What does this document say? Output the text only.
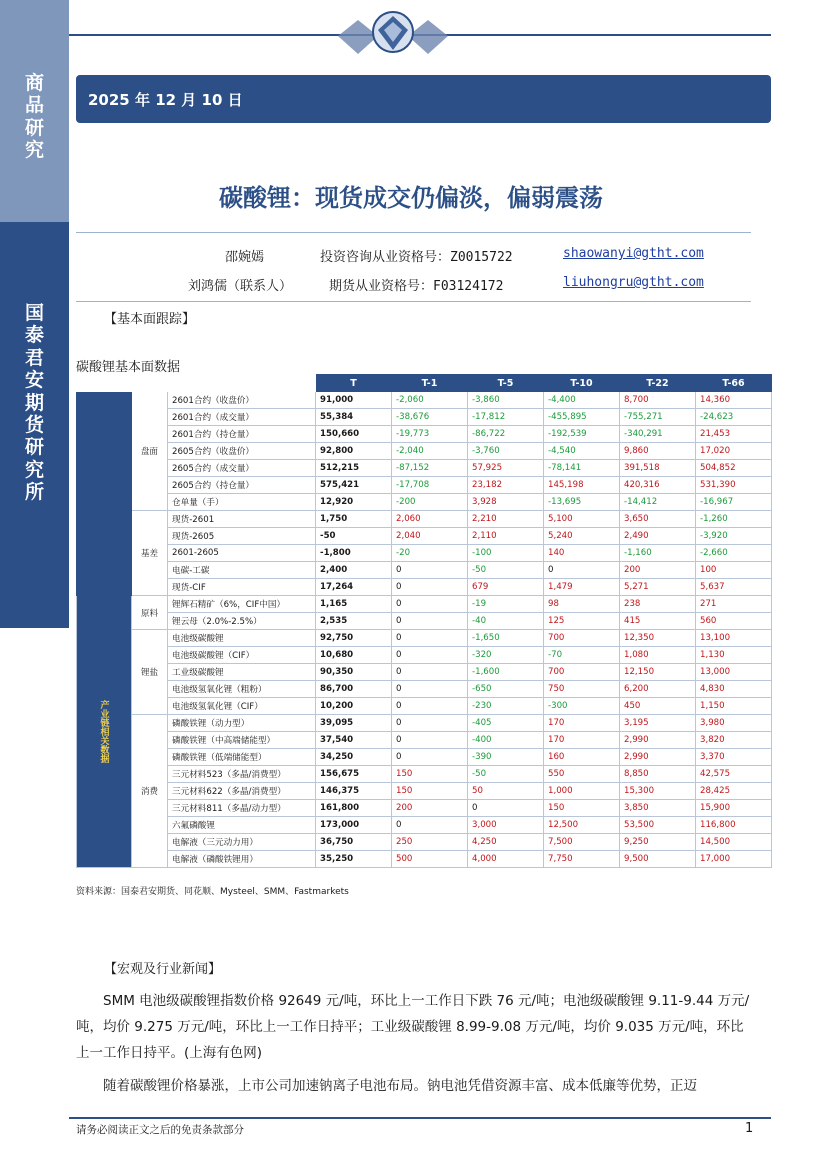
商
品
研
究
国
泰
君
安
期
货
研
究
所
2025 年 12 月 10 日
碳酸锂：现货成交仍偏淡，偏弱震荡
邵婉嫣	投资咨询从业资格号：Z0015722	shaowanyi@gtht.com
刘鸿儒（联系人）	期货从业资格号：F03124172	liuhongru@gtht.com
【基本面跟踪】
碳酸锂基本面数据
			T	T-1	T-5	T-10	T-22	T-66
	盘面	2601合约（收盘价）	91,000	-2,060	-3,860	-4,400	8,700	14,360
		2601合约（成交量）	55,384	-38,676	-17,812	-455,895	-755,271	-24,623
		2601合约（持仓量）	150,660	-19,773	-86,722	-192,539	-340,291	21,453
		2605合约（收盘价）	92,800	-2,040	-3,760	-4,540	9,860	17,020
		2605合约（成交量）	512,215	-87,152	57,925	-78,141	391,518	504,852
		2605合约（持仓量）	575,421	-17,708	23,182	145,198	420,316	531,390
		仓单量（手）	12,920	-200	3,928	-13,695	-14,412	-16,967
	基差	现货-2601	1,750	2,060	2,210	5,100	3,650	-1,260
		现货-2605	-50	2,040	2,110	5,240	2,490	-3,920
		2601-2605	-1,800	-20	-100	140	-1,160	-2,660
		电碳-工碳	2,400	0	-50	0	200	100
		现货-CIF	17,264	0	679	1,479	5,271	5,637
产业链相关数据	原料	锂辉石精矿（6%，CIF中国）	1,165	0	-19	98	238	271
		锂云母（2.0%-2.5%）	2,535	0	-40	125	415	560
	锂盐	电池级碳酸锂	92,750	0	-1,650	700	12,350	13,100
		电池级碳酸锂（CIF）	10,680	0	-320	-70	1,080	1,130
		工业级碳酸锂	90,350	0	-1,600	700	12,150	13,000
		电池级氢氧化锂（粗粉）	86,700	0	-650	750	6,200	4,830
		电池级氢氧化锂（CIF）	10,200	0	-230	-300	450	1,150
	消费	磷酸铁锂（动力型）	39,095	0	-405	170	3,195	3,980
		磷酸铁锂（中高端储能型）	37,540	0	-400	170	2,990	3,820
		磷酸铁锂（低端储能型）	34,250	0	-390	160	2,990	3,370
		三元材料523（多晶/消费型）	156,675	150	-50	550	8,850	42,575
		三元材料622（多晶/消费型）	146,375	150	50	1,000	15,300	28,425
		三元材料811（多晶/动力型）	161,800	200	0	150	3,850	15,900
		六氟磷酸锂	173,000	0	3,000	12,500	53,500	116,800
		电解液（三元动力用）	36,750	250	4,250	7,500	9,250	14,500
		电解液（磷酸铁锂用）	35,250	500	4,000	7,750	9,500	17,000
资料来源：国泰君安期货、同花顺、Mysteel、SMM、Fastmarkets
【宏观及行业新闻】
SMM 电池级碳酸锂指数价格 92649 元/吨，环比上一工作日下跌 76 元/吨；电池级碳酸锂 9.11-9.44 万元/吨，均价 9.275 万元/吨，环比上一工作日持平；工业级碳酸锂 8.99-9.08 万元/吨，均价 9.035 万元/吨，环比上一工作日持平。(上海有色网)
随着碳酸锂价格暴涨，上市公司加速钠离子电池布局。钠电池凭借资源丰富、成本低廉等优势，正迈
请务必阅读正文之后的免责条款部分	1
